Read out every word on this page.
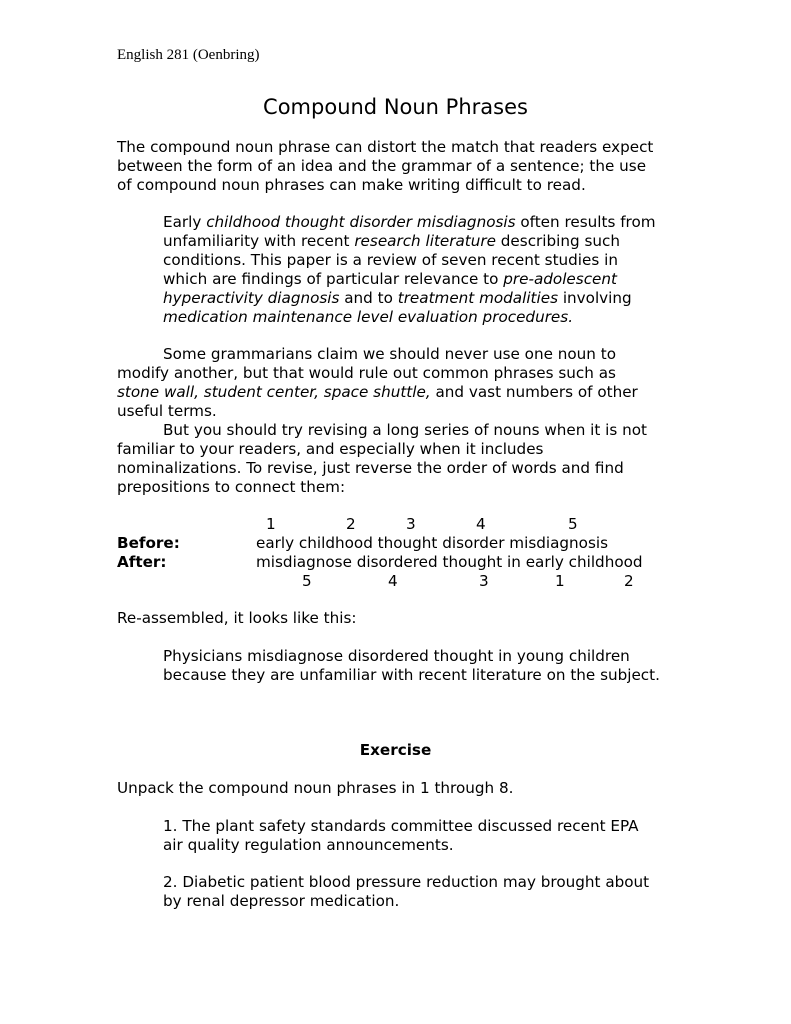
English 281 (Oenbring)
Compound Noun Phrases
The compound noun phrase can distort the match that readers expect
between the form of an idea and the grammar of a sentence; the use
of compound noun phrases can make writing difficult to read.
Early childhood thought disorder misdiagnosis often results from
unfamiliarity with recent research literature describing such
conditions. This paper is a review of seven recent studies in
which are findings of particular relevance to pre-adolescent
hyperactivity diagnosis and to treatment modalities involving
medication maintenance level evaluation procedures.
Some grammarians claim we should never use one noun to
modify another, but that would rule out common phrases such as
stone wall, student center, space shuttle, and vast numbers of other
useful terms.
But you should try revising a long series of nouns when it is not
familiar to your readers, and especially when it includes
nominalizations. To revise, just reverse the order of words and find
prepositions to connect them:
1	2	3	4	5
Before:	early childhood thought disorder misdiagnosis
After:	misdiagnose disordered thought in early childhood
5	4	3	1	2
Re-assembled, it looks like this:
Physicians misdiagnose disordered thought in young children
because they are unfamiliar with recent literature on the subject.
Exercise
Unpack the compound noun phrases in 1 through 8.
1. The plant safety standards committee discussed recent EPA
air quality regulation announcements.
2. Diabetic patient blood pressure reduction may brought about
by renal depressor medication.
